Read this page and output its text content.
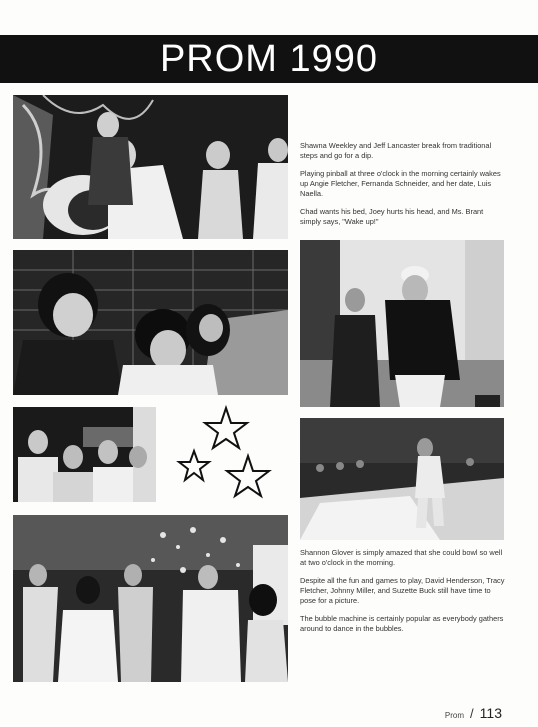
PROM 1990

Shawna Weekley and Jeff Lancaster break from traditional steps and go for a dip.

Playing pinball at three o'clock in the morning certainly wakes up Angie Fletcher, Fernanda Schneider, and her date, Luis Naella.

Chad wants his bed, Joey hurts his head, and Ms. Brant simply says, "Wake up!"

Shannon Glover is simply amazed that she could bowl so well at two o'clock in the morning.

Despite all the fun and games to play, David Henderson, Tracy Fletcher, Johnny Miller, and Suzette Buck still have time to pose for a picture.

The bubble machine is certainly popular as everybody gathers around to dance in the bubbles.

Prom / 113
